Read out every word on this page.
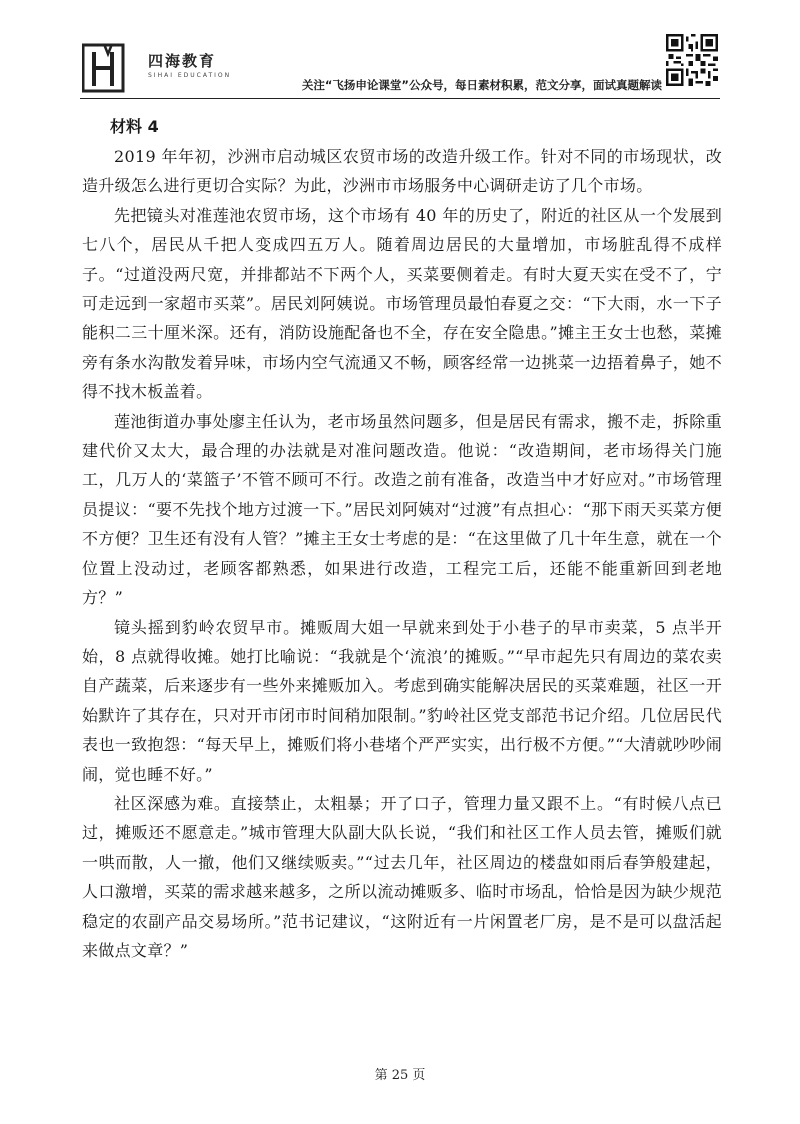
四海教育
SIHAI EDUCATION
关注“飞扬申论课堂”公众号，每日素材积累，范文分享，面试真题解读
材料 4

2019 年年初，沙洲市启动城区农贸市场的改造升级工作。针对不同的市场现状，改造升级怎么进行更切合实际？为此，沙洲市市场服务中心调研走访了几个市场。

先把镜头对准莲池农贸市场，这个市场有 40 年的历史了，附近的社区从一个发展到七八个，居民从千把人变成四五万人。随着周边居民的大量增加，市场脏乱得不成样子。“过道没两尺宽，并排都站不下两个人，买菜要侧着走。有时大夏天实在受不了，宁可走远到一家超市买菜”。居民刘阿姨说。市场管理员最怕春夏之交：“下大雨，水一下子能积二三十厘米深。还有，消防设施配备也不全，存在安全隐患。”摊主王女士也愁，菜摊旁有条水沟散发着异味，市场内空气流通又不畅，顾客经常一边挑菜一边捂着鼻子，她不得不找木板盖着。

莲池街道办事处廖主任认为，老市场虽然问题多，但是居民有需求，搬不走，拆除重建代价又太大，最合理的办法就是对准问题改造。他说：“改造期间，老市场得关门施工，几万人的‘菜篮子’不管不顾可不行。改造之前有准备，改造当中才好应对。”市场管理员提议：“要不先找个地方过渡一下。”居民刘阿姨对“过渡”有点担心：“那下雨天买菜方便不方便？卫生还有没有人管？”摊主王女士考虑的是：“在这里做了几十年生意，就在一个位置上没动过，老顾客都熟悉，如果进行改造，工程完工后，还能不能重新回到老地方？”

镜头摇到豹岭农贸早市。摊贩周大姐一早就来到处于小巷子的早市卖菜，5 点半开始，8 点就得收摊。她打比喻说：“我就是个‘流浪’的摊贩。”“早市起先只有周边的菜农卖自产蔬菜，后来逐步有一些外来摊贩加入。考虑到确实能解决居民的买菜难题，社区一开始默许了其存在，只对开市闭市时间稍加限制。”豹岭社区党支部范书记介绍。几位居民代表也一致抱怨：“每天早上，摊贩们将小巷堵个严严实实，出行极不方便。”“大清就吵吵闹闹，觉也睡不好。”

社区深感为难。直接禁止，太粗暴；开了口子，管理力量又跟不上。“有时候八点已过，摊贩还不愿意走。”城市管理大队副大队长说，“我们和社区工作人员去管，摊贩们就一哄而散，人一撤，他们又继续贩卖。”“过去几年，社区周边的楼盘如雨后春笋般建起，人口激增，买菜的需求越来越多，之所以流动摊贩多、临时市场乱，恰恰是因为缺少规范稳定的农副产品交易场所。”范书记建议，“这附近有一片闲置老厂房，是不是可以盘活起来做点文章？”

第 25 页
